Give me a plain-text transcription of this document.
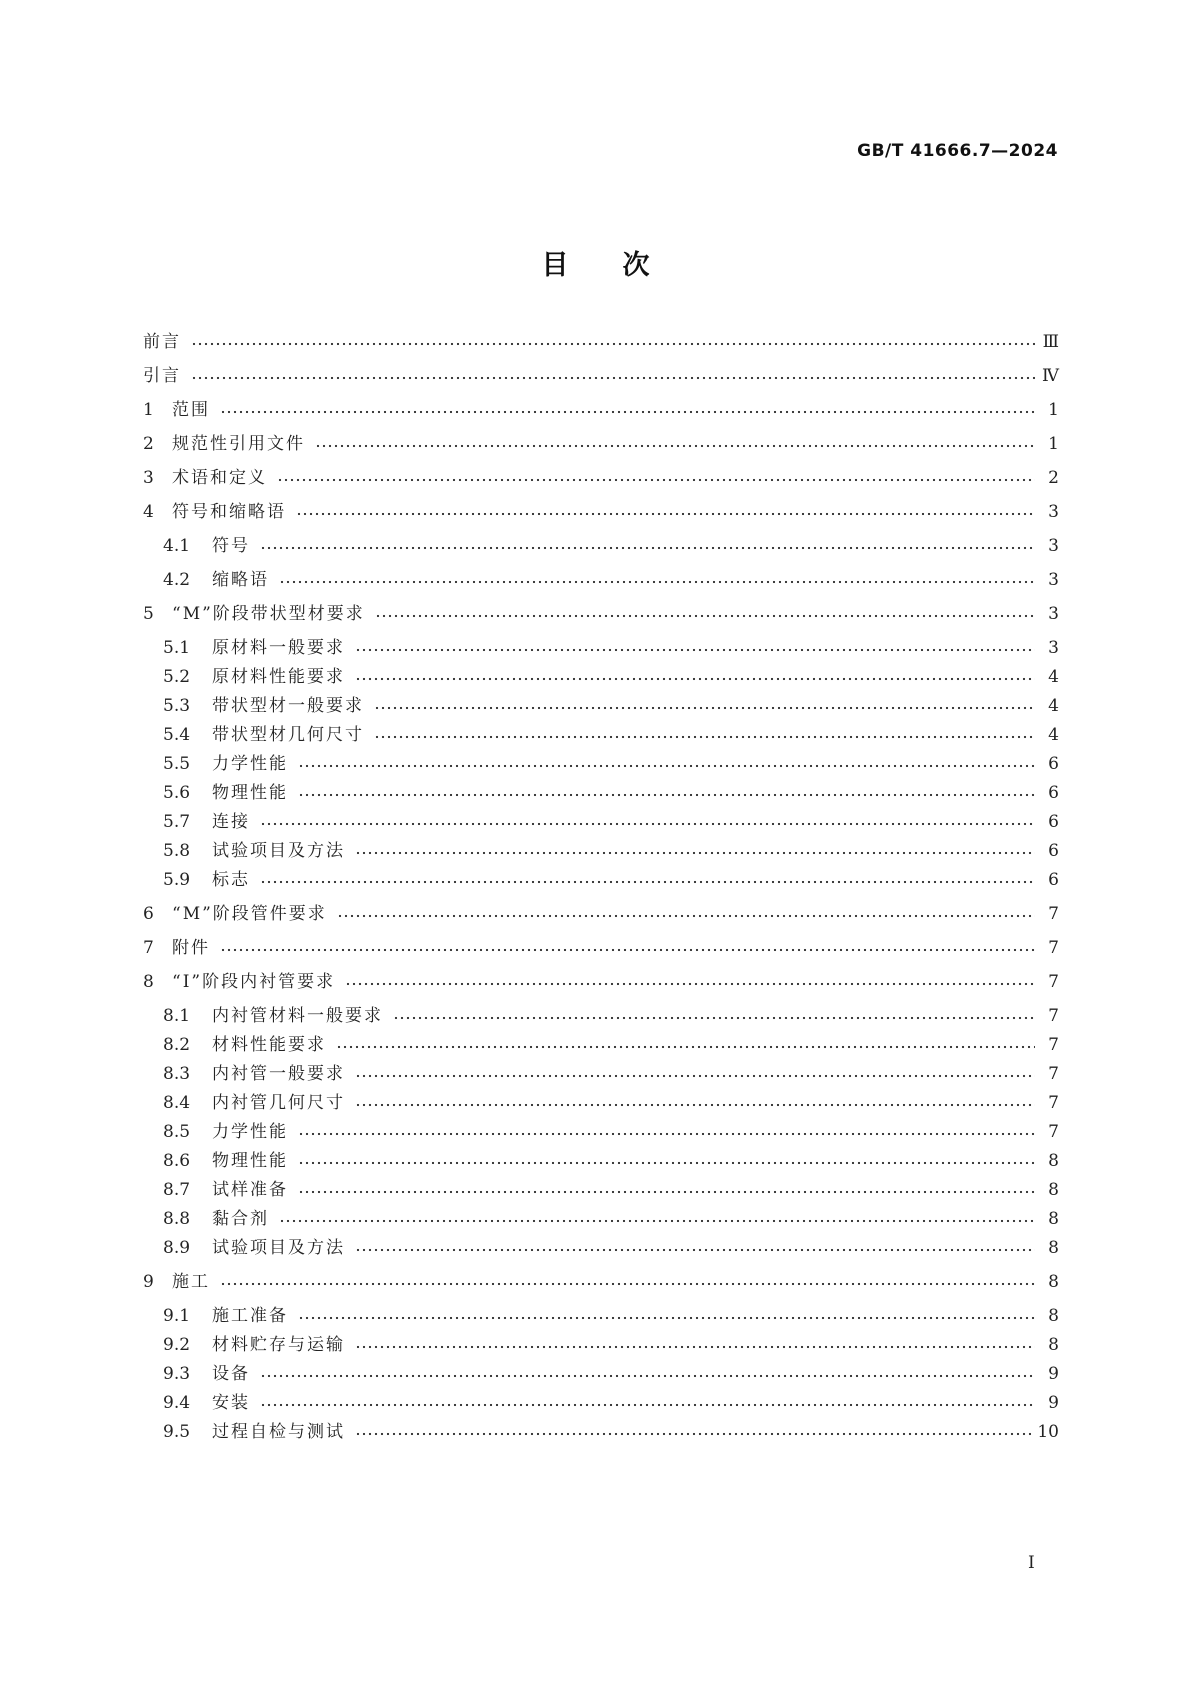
GB/T 41666.7—2024
目　　次
前言	Ⅲ
引言	Ⅳ
1	范围	1
2	规范性引用文件	1
3	术语和定义	2
4	符号和缩略语	3
4.1	符号	3
4.2	缩略语	3
5	“M”阶段带状型材要求	3
5.1	原材料一般要求	3
5.2	原材料性能要求	4
5.3	带状型材一般要求	4
5.4	带状型材几何尺寸	4
5.5	力学性能	6
5.6	物理性能	6
5.7	连接	6
5.8	试验项目及方法	6
5.9	标志	6
6	“M”阶段管件要求	7
7	附件	7
8	“I”阶段内衬管要求	7
8.1	内衬管材料一般要求	7
8.2	材料性能要求	7
8.3	内衬管一般要求	7
8.4	内衬管几何尺寸	7
8.5	力学性能	7
8.6	物理性能	8
8.7	试样准备	8
8.8	黏合剂	8
8.9	试验项目及方法	8
9	施工	8
9.1	施工准备	8
9.2	材料贮存与运输	8
9.3	设备	9
9.4	安装	9
9.5	过程自检与测试	10
I
